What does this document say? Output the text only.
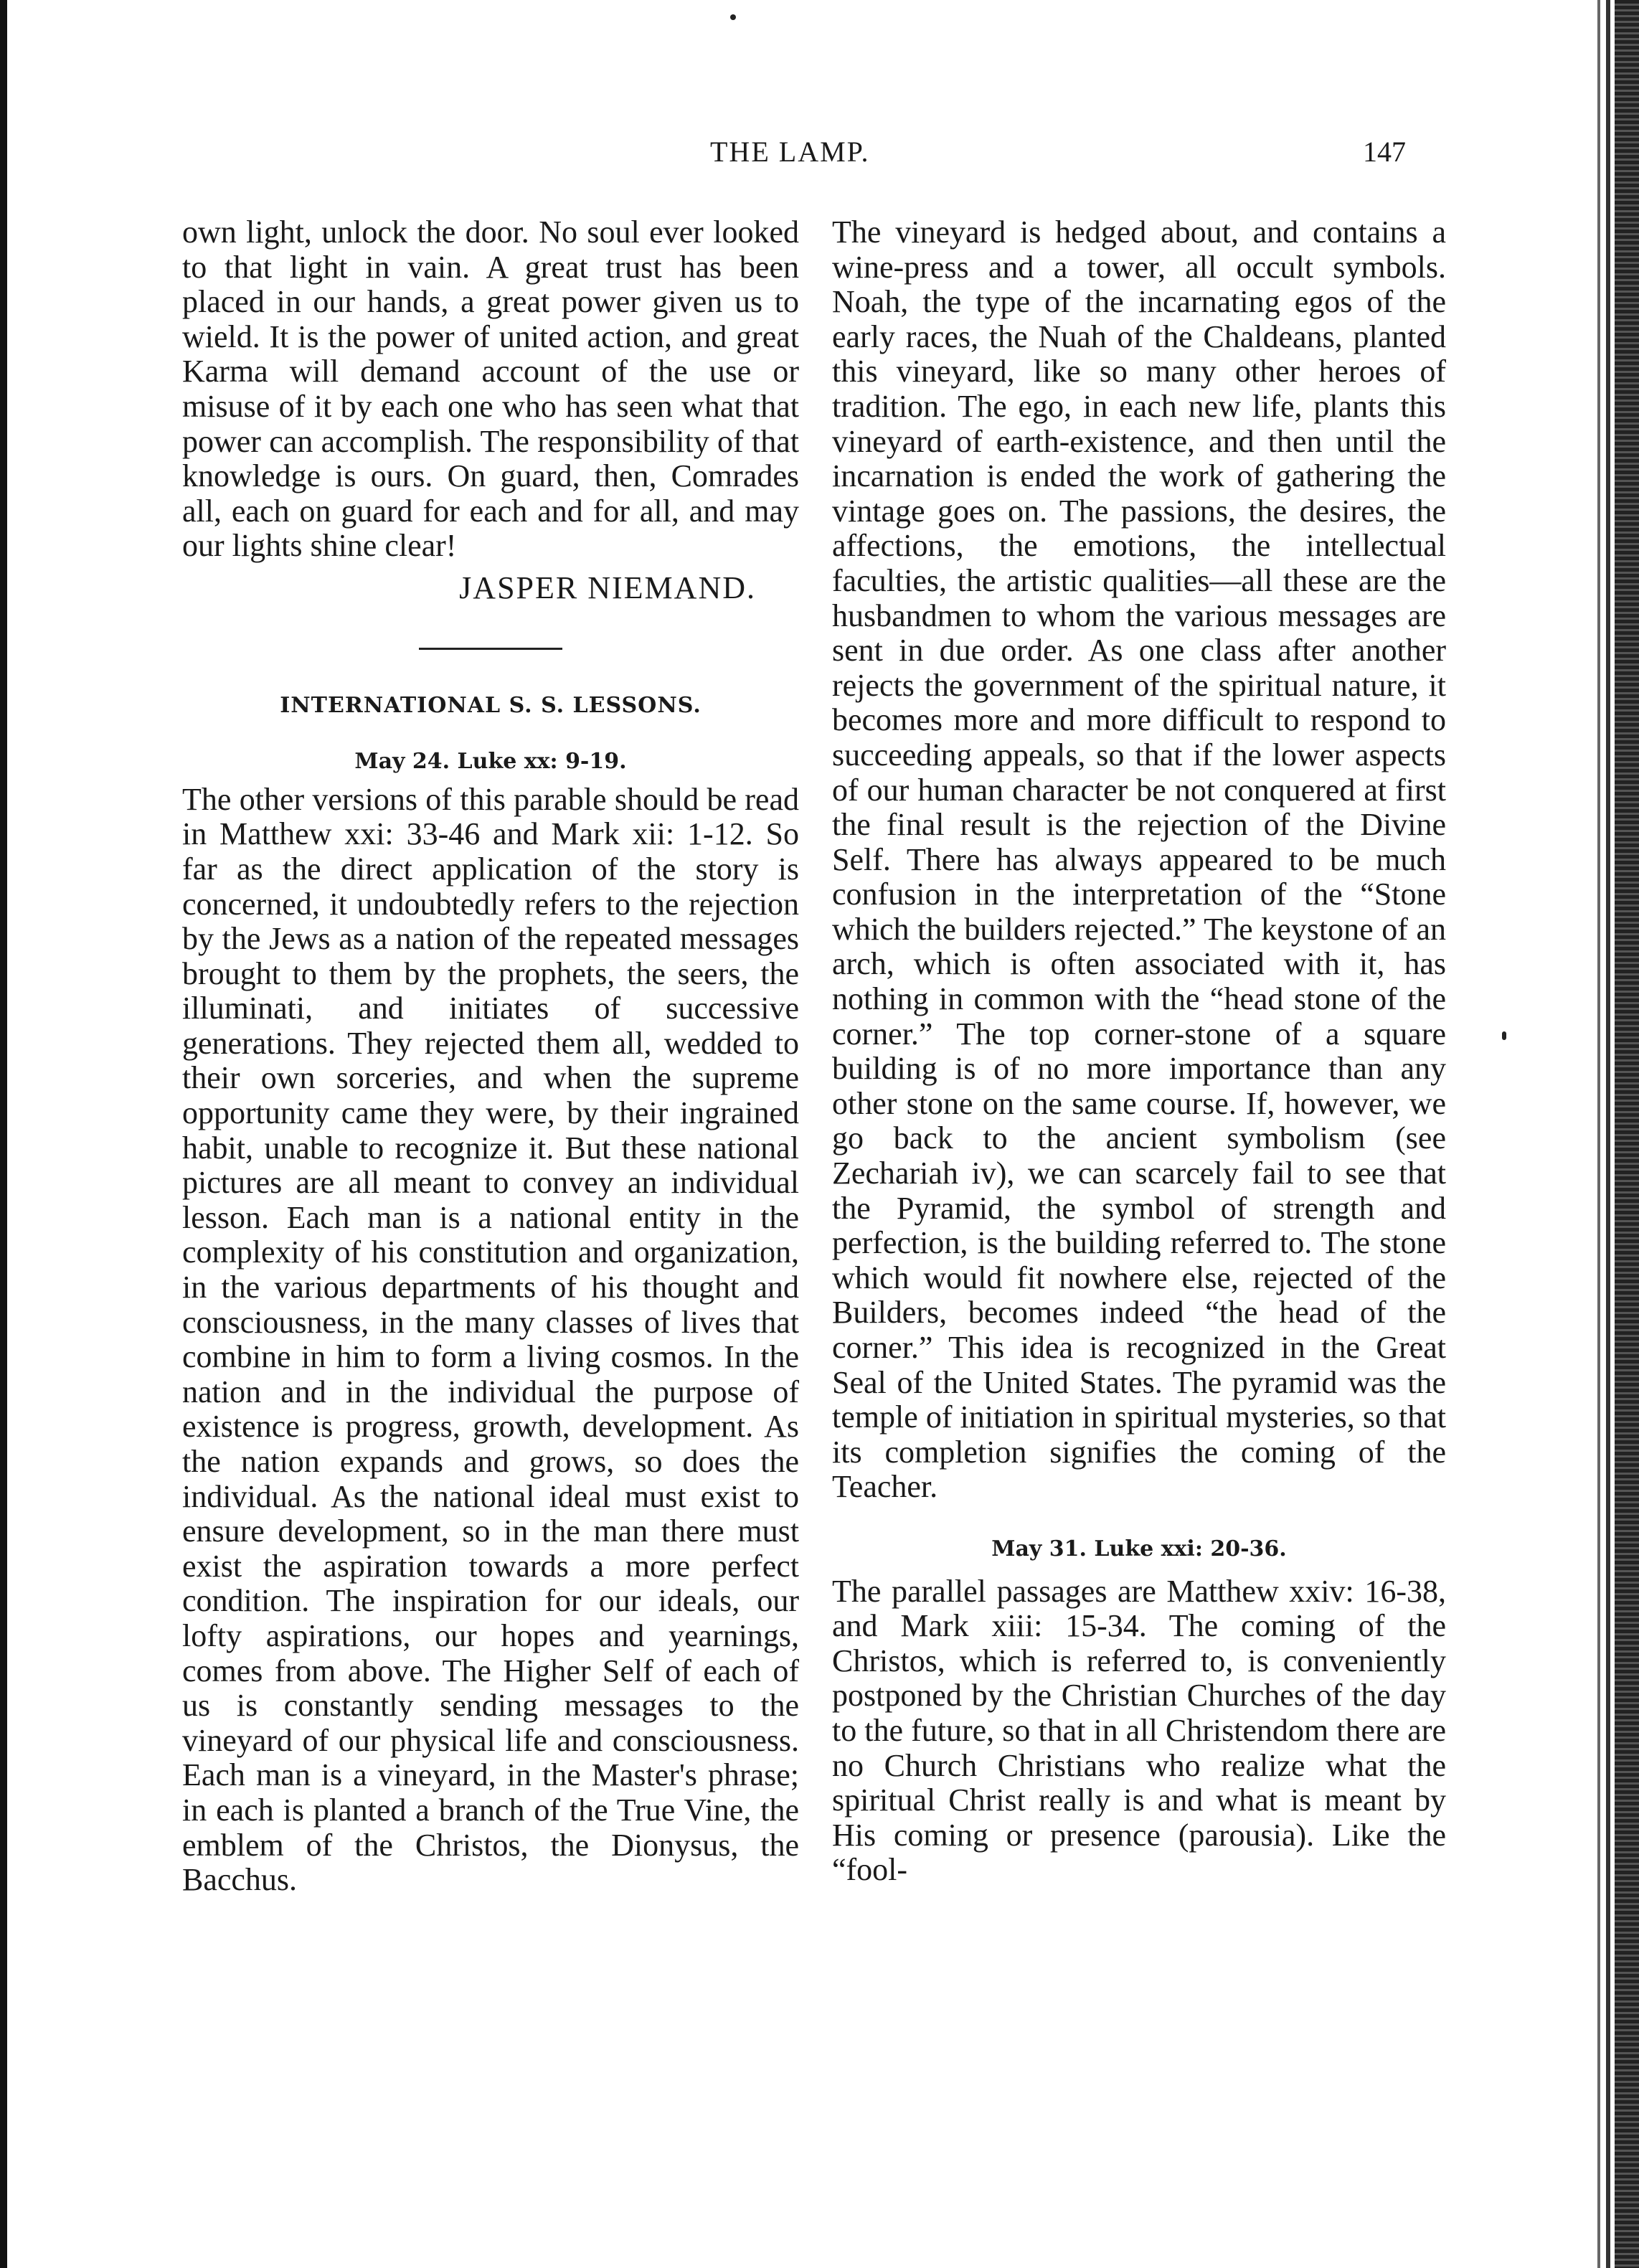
THE LAMP.	147

own light, unlock the door. No soul ever looked to that light in vain. A great trust has been placed in our hands, a great power given us to wield. It is the power of united action, and great Karma will demand account of the use or misuse of it by each one who has seen what that power can accomplish. The responsibility of that knowledge is ours. On guard, then, Comrades all, each on guard for each and for all, and may our lights shine clear!

JASPER NIEMAND.

INTERNATIONAL S. S. LESSONS.

May 24. Luke xx: 9-19.

The other versions of this parable should be read in Matthew xxi: 33-46 and Mark xii: 1-12. So far as the direct application of the story is concerned, it undoubtedly refers to the rejection by the Jews as a nation of the repeated messages brought to them by the prophets, the seers, the illuminati, and initiates of successive generations. They rejected them all, wedded to their own sorceries, and when the supreme opportunity came they were, by their ingrained habit, unable to recognize it. But these national pictures are all meant to convey an individual lesson. Each man is a national entity in the complexity of his constitution and organization, in the various departments of his thought and consciousness, in the many classes of lives that combine in him to form a living cosmos. In the nation and in the individual the purpose of existence is progress, growth, development. As the nation expands and grows, so does the individual. As the national ideal must exist to ensure development, so in the man there must exist the aspiration towards a more perfect condition. The inspiration for our ideals, our lofty aspirations, our hopes and yearnings, comes from above. The Higher Self of each of us is constantly sending messages to the vineyard of our physical life and consciousness. Each man is a vineyard, in the Master's phrase; in each is planted a branch of the True Vine, the emblem of the Christos, the Dionysus, the Bacchus.

The vineyard is hedged about, and contains a wine-press and a tower, all occult symbols. Noah, the type of the incarnating egos of the early races, the Nuah of the Chaldeans, planted this vineyard, like so many other heroes of tradition. The ego, in each new life, plants this vineyard of earth-existence, and then until the incarnation is ended the work of gathering the vintage goes on. The passions, the desires, the affections, the emotions, the intellectual faculties, the artistic qualities—all these are the husbandmen to whom the various messages are sent in due order. As one class after another rejects the government of the spiritual nature, it becomes more and more difficult to respond to succeeding appeals, so that if the lower aspects of our human character be not conquered at first the final result is the rejection of the Divine Self. There has always appeared to be much confusion in the interpretation of the “Stone which the builders rejected.” The keystone of an arch, which is often associated with it, has nothing in common with the “head stone of the corner.” The top corner-stone of a square building is of no more importance than any other stone on the same course. If, however, we go back to the ancient symbolism (see Zechariah iv), we can scarcely fail to see that the Pyramid, the symbol of strength and perfection, is the building referred to. The stone which would fit nowhere else, rejected of the Builders, becomes indeed “the head of the corner.” This idea is recognized in the Great Seal of the United States. The pyramid was the temple of initiation in spiritual mysteries, so that its completion signifies the coming of the Teacher.

May 31. Luke xxi: 20-36.

The parallel passages are Matthew xxiv: 16-38, and Mark xiii: 15-34. The coming of the Christos, which is referred to, is conveniently postponed by the Christian Churches of the day to the future, so that in all Christendom there are no Church Christians who realize what the spiritual Christ really is and what is meant by His coming or presence (parousia). Like the “fool-
